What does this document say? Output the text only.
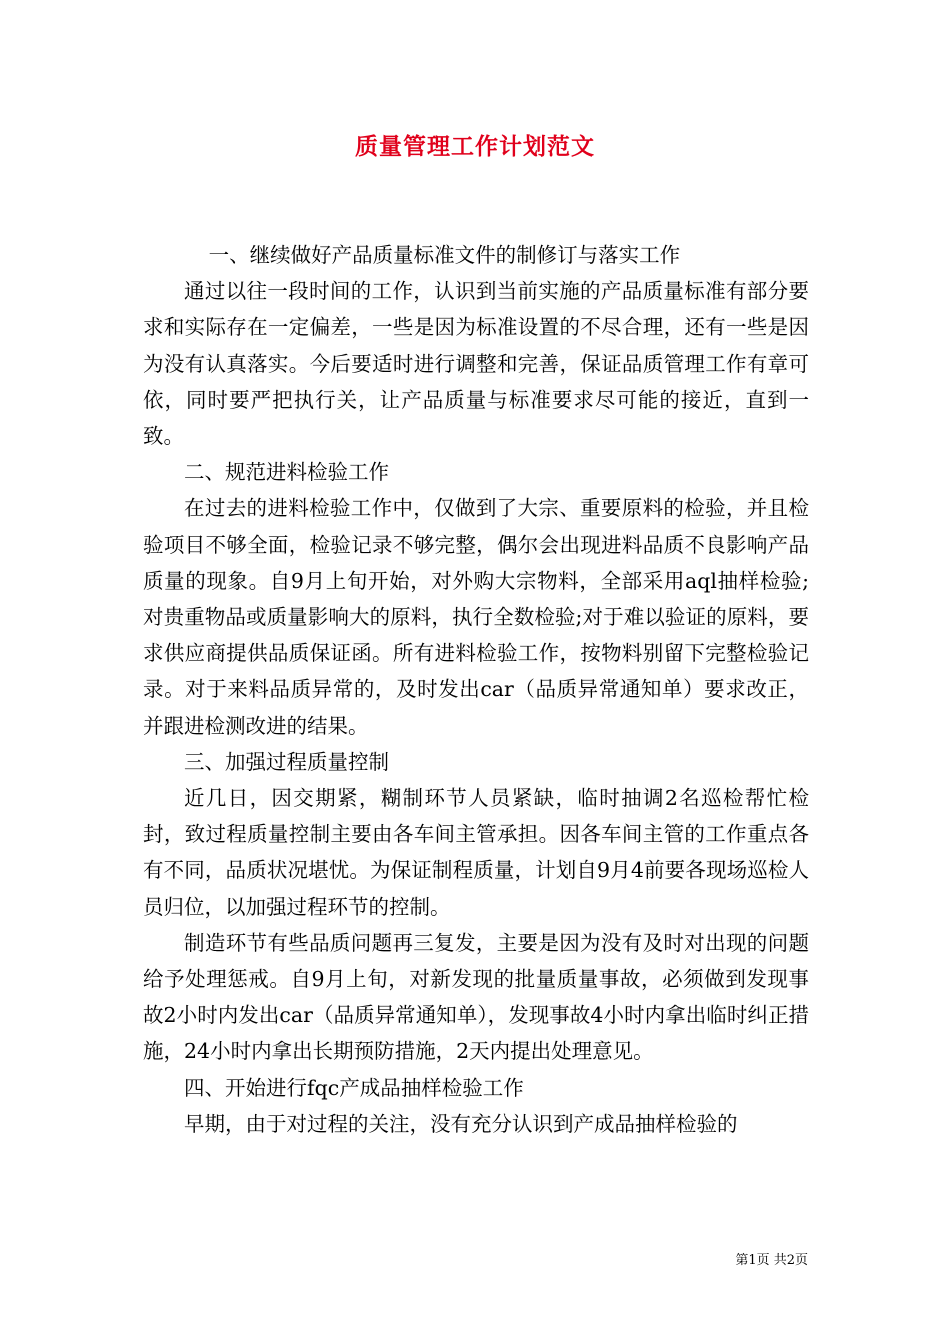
质量管理工作计划范文

一、继续做好产品质量标准文件的制修订与落实工作

通过以往一段时间的工作，认识到当前实施的产品质量标准有部分要求和实际存在一定偏差，一些是因为标准设置的不尽合理，还有一些是因为没有认真落实。今后要适时进行调整和完善，保证品质管理工作有章可依，同时要严把执行关，让产品质量与标准要求尽可能的接近，直到一致。

二、规范进料检验工作

在过去的进料检验工作中，仅做到了大宗、重要原料的检验，并且检验项目不够全面，检验记录不够完整，偶尔会出现进料品质不良影响产品质量的现象。自9月上旬开始，对外购大宗物料，全部采用aql抽样检验;对贵重物品或质量影响大的原料，执行全数检验;对于难以验证的原料，要求供应商提供品质保证函。所有进料检验工作，按物料别留下完整检验记录。对于来料品质异常的，及时发出car（品质异常通知单）要求改正，并跟进检测改进的结果。

三、加强过程质量控制

近几日，因交期紧，糊制环节人员紧缺，临时抽调2名巡检帮忙检封，致过程质量控制主要由各车间主管承担。因各车间主管的工作重点各有不同，品质状况堪忧。为保证制程质量，计划自9月4前要各现场巡检人员归位，以加强过程环节的控制。

制造环节有些品质问题再三复发，主要是因为没有及时对出现的问题给予处理惩戒。自9月上旬，对新发现的批量质量事故，必须做到发现事故2小时内发出car（品质异常通知单），发现事故4小时内拿出临时纠正措施，24小时内拿出长期预防措施，2天内提出处理意见。

四、开始进行fqc产成品抽样检验工作

早期，由于对过程的关注，没有充分认识到产成品抽样检验的

第1页 共2页
